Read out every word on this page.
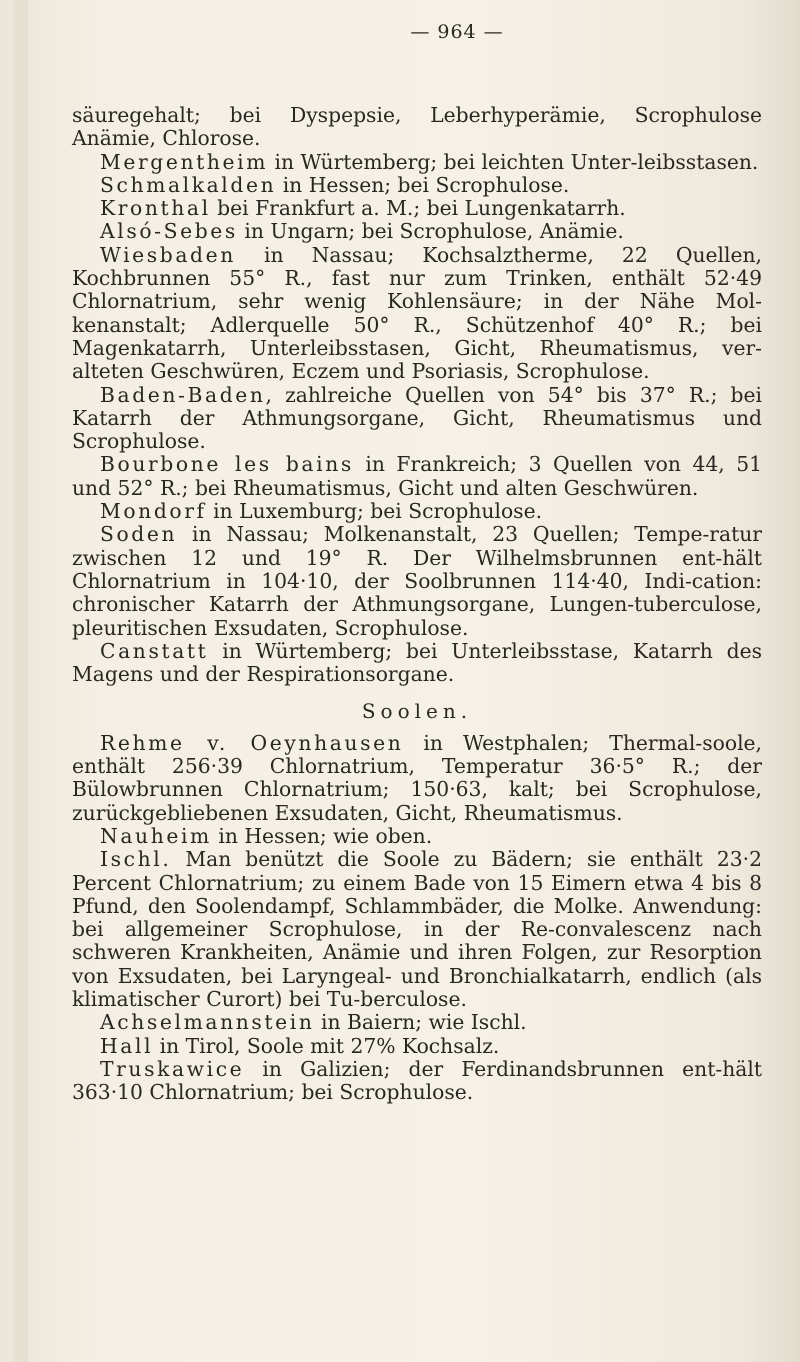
— 964 —

säuregehalt; bei Dyspepsie, Leberhyperämie, Scrophulose Anämie, Chlorose.

Mergentheim in Würtemberg; bei leichten Unter-leibsstasen.

Schmalkalden in Hessen; bei Scrophulose.

Kronthal bei Frankfurt a. M.; bei Lungenkatarrh.

Alsó-Sebes in Ungarn; bei Scrophulose, Anämie.

Wiesbaden in Nassau; Kochsalztherme, 22 Quellen, Kochbrunnen 55° R., fast nur zum Trinken, enthält 52·49 Chlornatrium, sehr wenig Kohlensäure; in der Nähe Mol-kenanstalt; Adlerquelle 50° R., Schützenhof 40° R.; bei Magenkatarrh, Unterleibsstasen, Gicht, Rheumatismus, ver-alteten Geschwüren, Eczem und Psoriasis, Scrophulose.

Baden-Baden, zahlreiche Quellen von 54° bis 37° R.; bei Katarrh der Athmungsorgane, Gicht, Rheumatismus und Scrophulose.

Bourbone les bains in Frankreich; 3 Quellen von 44, 51 und 52° R.; bei Rheumatismus, Gicht und alten Geschwüren.

Mondorf in Luxemburg; bei Scrophulose.

Soden in Nassau; Molkenanstalt, 23 Quellen; Tempe-ratur zwischen 12 und 19° R. Der Wilhelmsbrunnen ent-hält Chlornatrium in 104·10, der Soolbrunnen 114·40, Indi-cation: chronischer Katarrh der Athmungsorgane, Lungen-tuberculose, pleuritischen Exsudaten, Scrophulose.

Canstatt in Würtemberg; bei Unterleibsstase, Katarrh des Magens und der Respirationsorgane.

Soolen.

Rehme v. Oeynhausen in Westphalen; Thermal-soole, enthält 256·39 Chlornatrium, Temperatur 36·5° R.; der Bülowbrunnen Chlornatrium; 150·63, kalt; bei Scrophulose, zurückgebliebenen Exsudaten, Gicht, Rheumatismus.

Nauheim in Hessen; wie oben.

Ischl. Man benützt die Soole zu Bädern; sie enthält 23·2 Percent Chlornatrium; zu einem Bade von 15 Eimern etwa 4 bis 8 Pfund, den Soolendampf, Schlammbäder, die Molke. Anwendung: bei allgemeiner Scrophulose, in der Re-convalescenz nach schweren Krankheiten, Anämie und ihren Folgen, zur Resorption von Exsudaten, bei Laryngeal- und Bronchialkatarrh, endlich (als klimatischer Curort) bei Tu-berculose.

Achselmannstein in Baiern; wie Ischl.

Hall in Tirol, Soole mit 27% Kochsalz.

Truskawice in Galizien; der Ferdinandsbrunnen ent-hält 363·10 Chlornatrium; bei Scrophulose.
